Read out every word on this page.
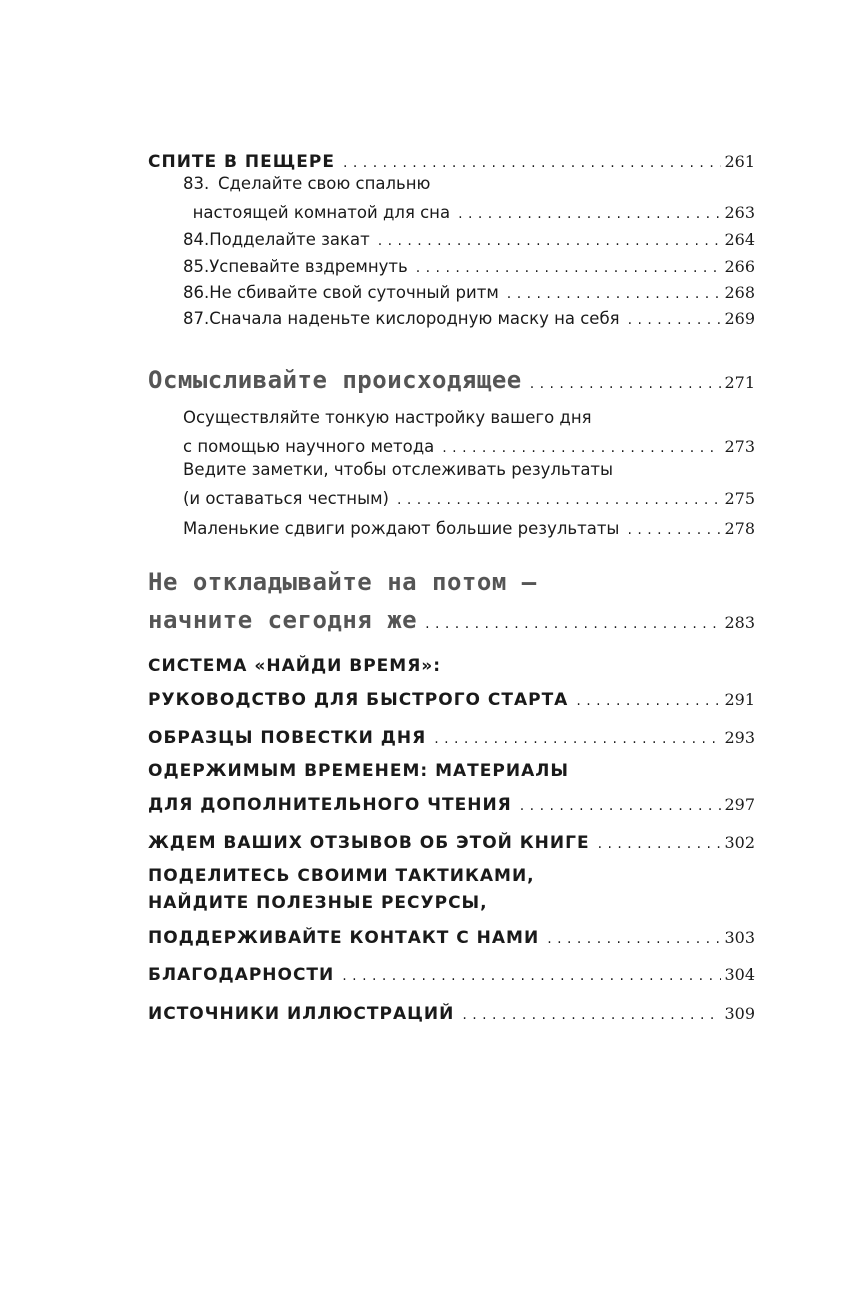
СПИТЕ В ПЕЩЕРЕ . . .	261
83. Сделайте свою спальню
настоящей комнатой для сна . . .	263
84. Подделайте закат . . .	264
85. Успевайте вздремнуть . . .	266
86. Не сбивайте свой суточный ритм . . .	268
87. Сначала наденьте кислородную маску на себя . . .	269
Осмысливайте происходящее . . .	271
Осуществляйте тонкую настройку вашего дня
с помощью научного метода . . .	273
Ведите заметки, чтобы отслеживать результаты
(и оставаться честным) . . .	275
Маленькие сдвиги рождают большие результаты . . .	278
Не откладывайте на потом –
начните сегодня же . . .	283
СИСТЕМА «НАЙДИ ВРЕМЯ»:
РУКОВОДСТВО ДЛЯ БЫСТРОГО СТАРТА . . .	291
ОБРАЗЦЫ ПОВЕСТКИ ДНЯ . . .	293
ОДЕРЖИМЫМ ВРЕМЕНЕМ: МАТЕРИАЛЫ
ДЛЯ ДОПОЛНИТЕЛЬНОГО ЧТЕНИЯ . . .	297
ЖДЕМ ВАШИХ ОТЗЫВОВ ОБ ЭТОЙ КНИГЕ . . .	302
ПОДЕЛИТЕСЬ СВОИМИ ТАКТИКАМИ,
НАЙДИТЕ ПОЛЕЗНЫЕ РЕСУРСЫ,
ПОДДЕРЖИВАЙТЕ КОНТАКТ С НАМИ . . .	303
БЛАГОДАРНОСТИ . . .	304
ИСТОЧНИКИ ИЛЛЮСТРАЦИЙ . . .	309
